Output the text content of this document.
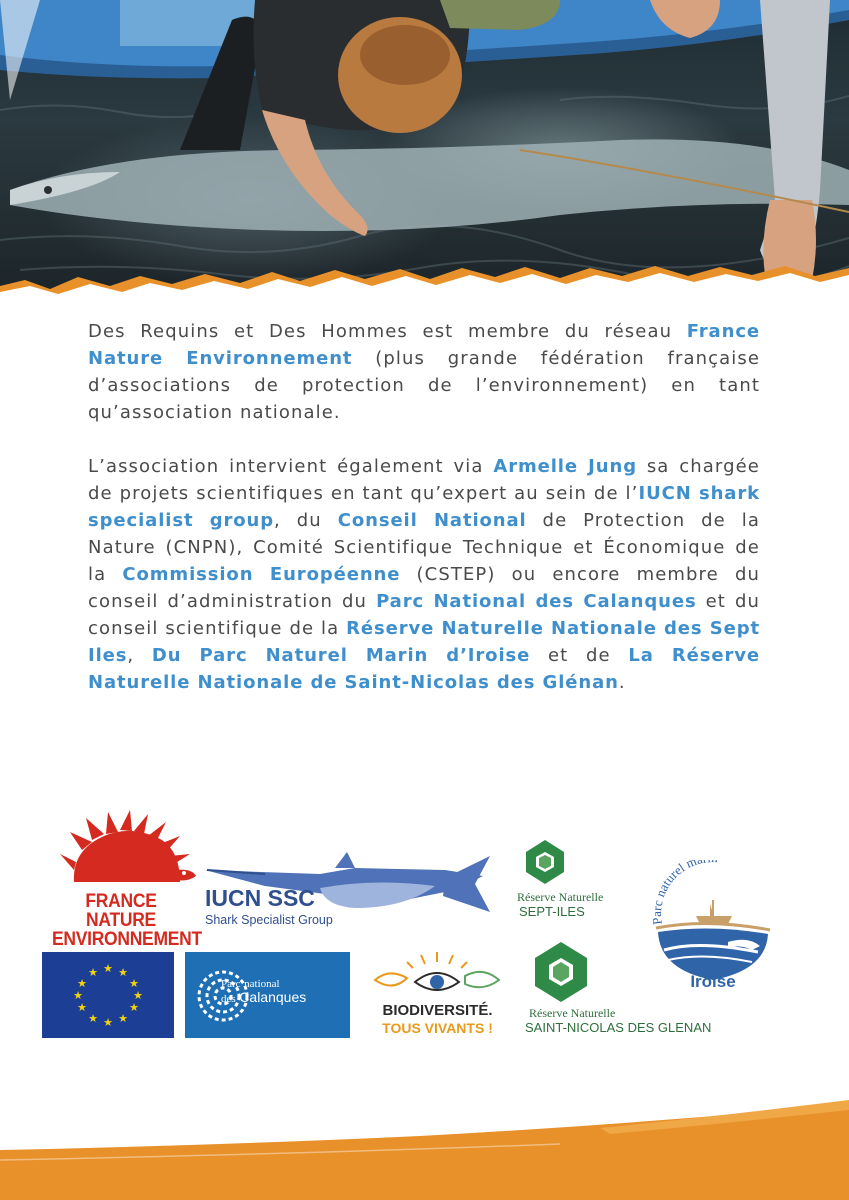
Des Requins et Des Hommes est membre du réseau France Nature Environnement (plus grande fédération française d’associations de protection de l’environnement) en tant qu’association nationale.

L’association intervient également via Armelle Jung sa chargée de projets scientifiques en tant qu’expert au sein de l’IUCN shark specialist group, du Conseil National de Protection de la Nature (CNPN), Comité Scientifique Technique et Économique de la Commission Européenne (CSTEP) ou encore membre du conseil d’administration du Parc National des Calanques et du conseil scientifique de la Réserve Naturelle Nationale des Sept Iles, Du Parc Naturel Marin d’Iroise et de La Réserve Naturelle Nationale de Saint-Nicolas des Glénan.

FRANCE NATURE
ENVIRONNEMENT
IUCN SSC
Shark Specialist Group
Réserve Naturelle
SEPT-ILES
Parc naturel m
Iroise
★ ★
★
★
★
★
★
★
★
★
★
★
Parc national
des Calanques
BIODIVERSITÉ.
TOUS VIVANTS !
Réserve Naturelle
SAINT-NICOLAS DES GLENAN
